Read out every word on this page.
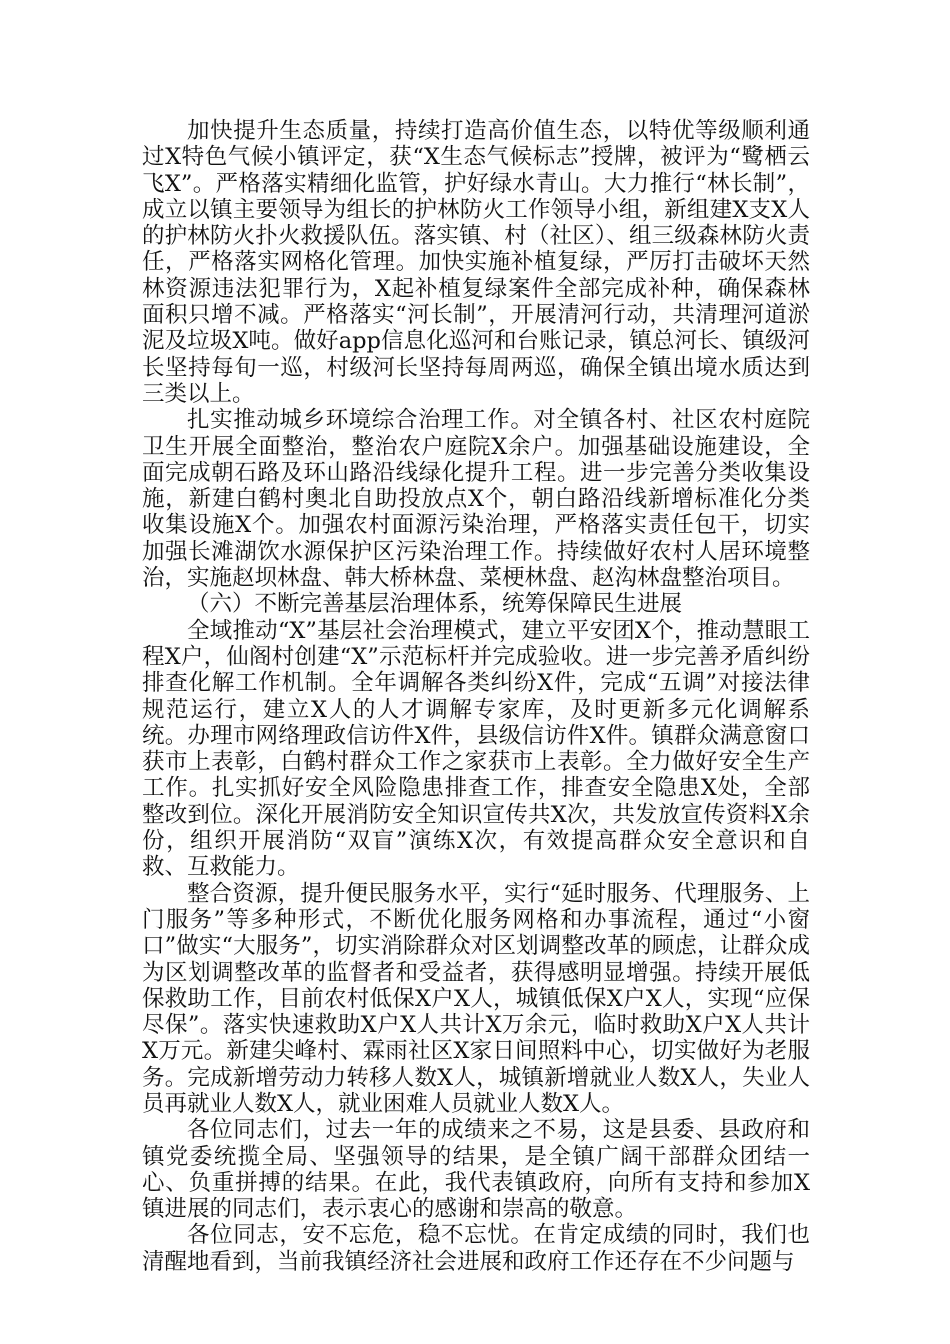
加快提升生态质量，持续打造高价值生态，以特优等级顺利通过X特色气候小镇评定，获“X生态气候标志”授牌，被评为“鹭栖云飞X”。严格落实精细化监管，护好绿水青山。大力推行“林长制”，成立以镇主要领导为组长的护林防火工作领导小组，新组建X支X人的护林防火扑火救援队伍。落实镇、村（社区）、组三级森林防火责任，严格落实网格化管理。加快实施补植复绿，严厉打击破坏天然林资源违法犯罪行为，X起补植复绿案件全部完成补种，确保森林面积只增不减。严格落实“河长制”，开展清河行动，共清理河道淤泥及垃圾X吨。做好app信息化巡河和台账记录，镇总河长、镇级河长坚持每旬一巡，村级河长坚持每周两巡，确保全镇出境水质达到三类以上。

扎实推动城乡环境综合治理工作。对全镇各村、社区农村庭院卫生开展全面整治，整治农户庭院X余户。加强基础设施建设，全面完成朝石路及环山路沿线绿化提升工程。进一步完善分类收集设施，新建白鹤村奥北自助投放点X个，朝白路沿线新增标准化分类收集设施X个。加强农村面源污染治理，严格落实责任包干，切实加强长滩湖饮水源保护区污染治理工作。持续做好农村人居环境整治，实施赵坝林盘、韩大桥林盘、菜梗林盘、赵沟林盘整治项目。

（六）不断完善基层治理体系，统筹保障民生进展

全域推动“X”基层社会治理模式，建立平安团X个，推动慧眼工程X户，仙阁村创建“X”示范标杆并完成验收。进一步完善矛盾纠纷排查化解工作机制。全年调解各类纠纷X件，完成“五调”对接法律规范运行，建立X人的人才调解专家库，及时更新多元化调解系统。办理市网络理政信访件X件，县级信访件X件。镇群众满意窗口获市上表彰，白鹤村群众工作之家获市上表彰。全力做好安全生产工作。扎实抓好安全风险隐患排查工作，排查安全隐患X处，全部整改到位。深化开展消防安全知识宣传共X次，共发放宣传资料X余份，组织开展消防“双盲”演练X次，有效提高群众安全意识和自救、互救能力。

整合资源，提升便民服务水平，实行“延时服务、代理服务、上门服务”等多种形式，不断优化服务网格和办事流程，通过“小窗口”做实“大服务”，切实消除群众对区划调整改革的顾虑，让群众成为区划调整改革的监督者和受益者，获得感明显增强。持续开展低保救助工作，目前农村低保X户X人，城镇低保X户X人，实现“应保尽保”。落实快速救助X户X人共计X万余元，临时救助X户X人共计X万元。新建尖峰村、霖雨社区X家日间照料中心，切实做好为老服务。完成新增劳动力转移人数X人，城镇新增就业人数X人，失业人员再就业人数X人，就业困难人员就业人数X人。

各位同志们，过去一年的成绩来之不易，这是县委、县政府和镇党委统揽全局、坚强领导的结果，是全镇广阔干部群众团结一心、负重拼搏的结果。在此，我代表镇政府，向所有支持和参加X镇进展的同志们，表示衷心的感谢和崇高的敬意。

各位同志，安不忘危，稳不忘忧。在肯定成绩的同时，我们也清醒地看到，当前我镇经济社会进展和政府工作还存在不少问题与
